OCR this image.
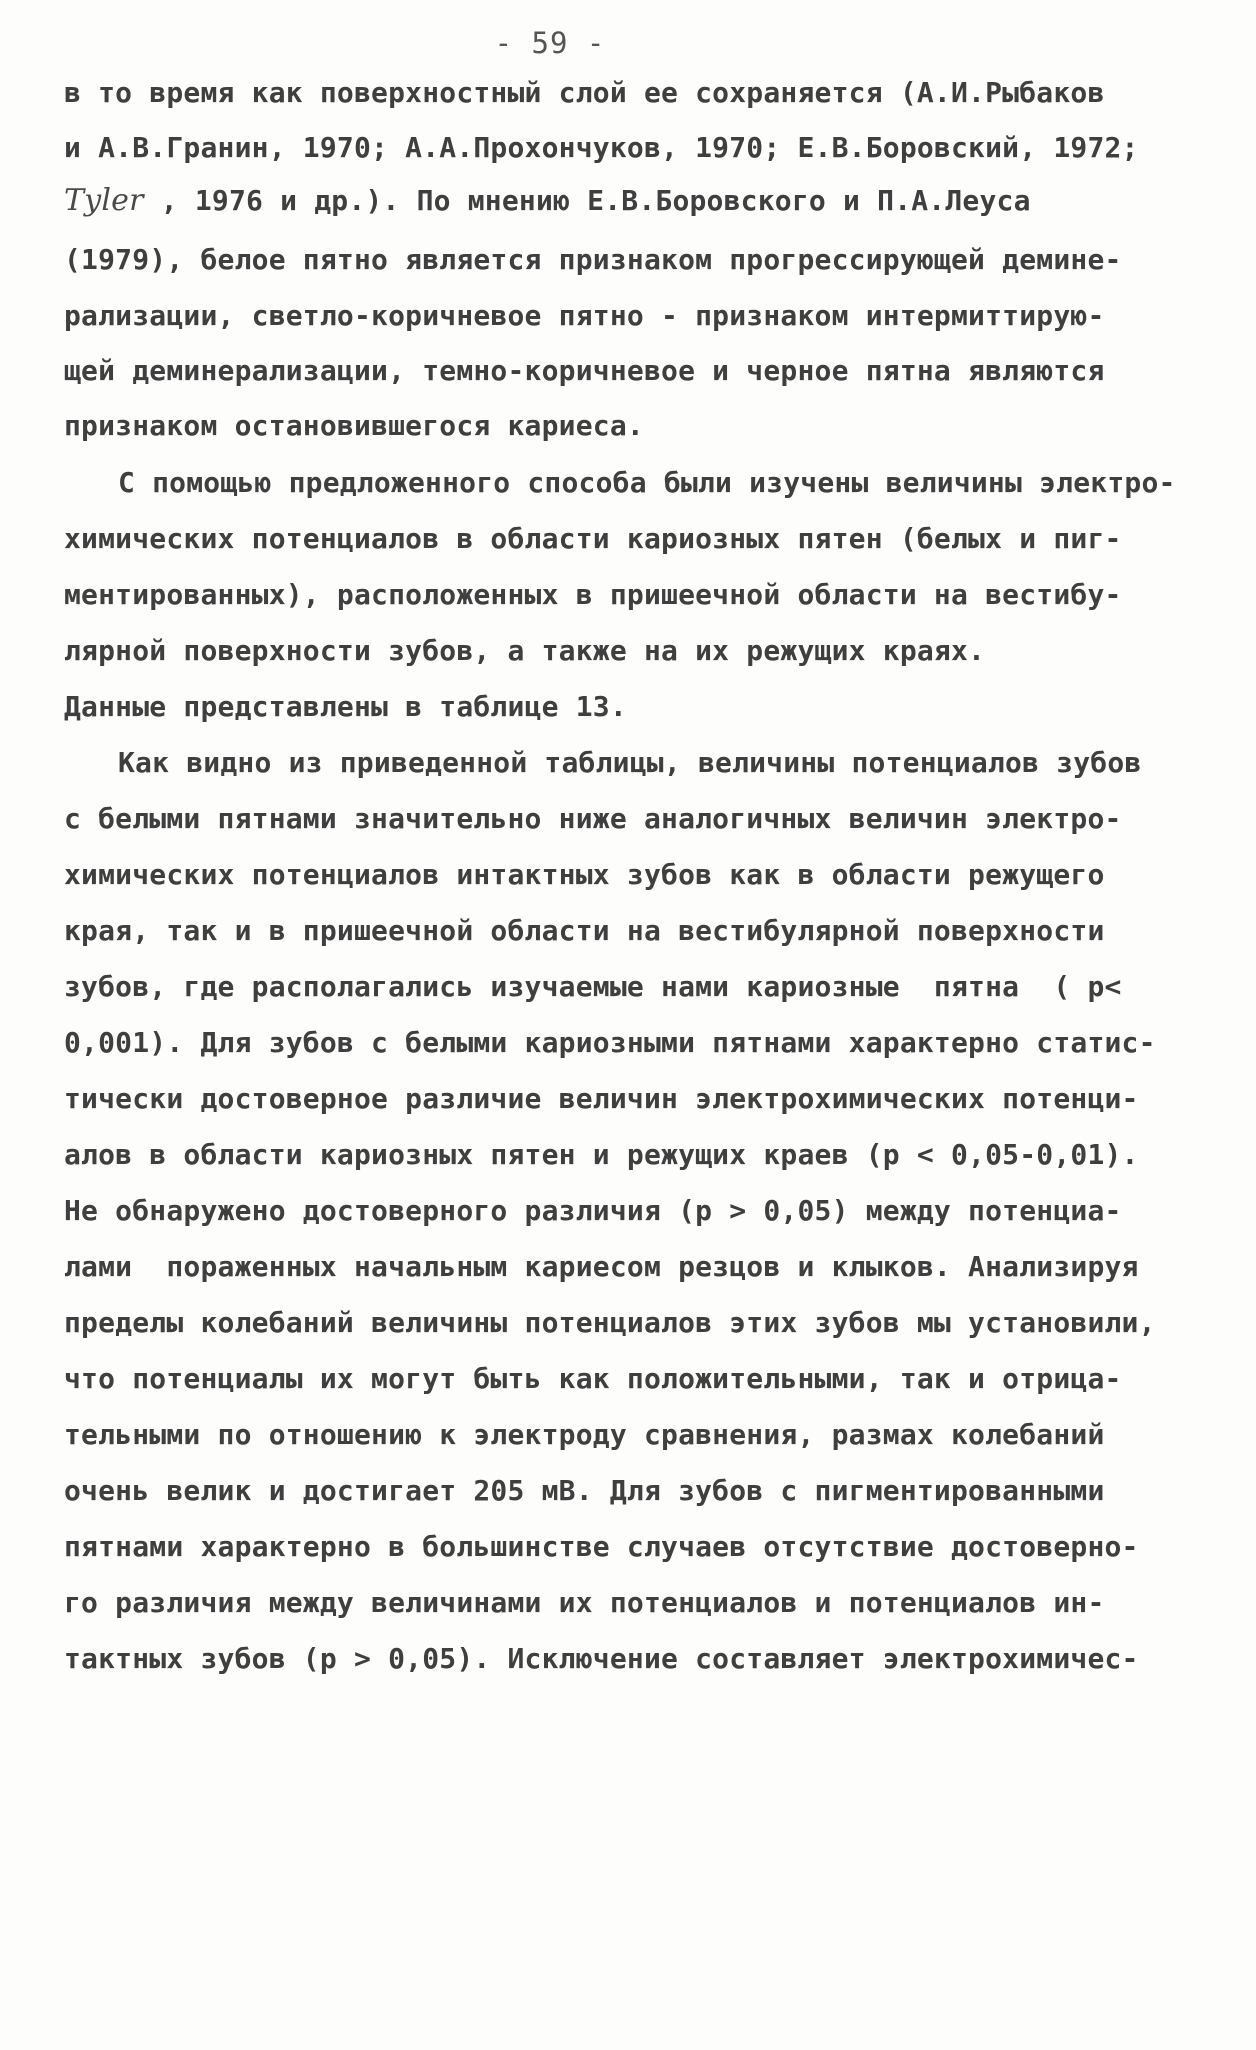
- 59 -
в то время как поверхностный слой ее сохраняется (А.И.Рыбаков
и А.В.Гранин, 1970; А.А.Прохончуков, 1970; Е.В.Боровский, 1972;
Tyler , 1976 и др.). По мнению Е.В.Боровского и П.А.Леуса
(1979), белое пятно является признаком прогрессирующей демине-
рализации, светло-коричневое пятно - признаком интермиттирую-
щей деминерализации, темно-коричневое и черное пятна являются
признаком остановившегося кариеса.
С помощью предложенного способа были изучены величины электро-
химических потенциалов в области кариозных пятен (белых и пиг-
ментированных), расположенных в пришеечной области на вестибу-
лярной поверхности зубов, а также на их режущих краях.
Данные представлены в таблице 13.
Как видно из приведенной таблицы, величины потенциалов зубов
с белыми пятнами значительно ниже аналогичных величин электро-
химических потенциалов интактных зубов как в области режущего
края, так и в пришеечной области на вестибулярной поверхности
зубов, где располагались изучаемые нами кариозные  пятна  ( р<
0,001). Для зубов с белыми кариозными пятнами характерно статис-
тически достоверное различие величин электрохимических потенци-
алов в области кариозных пятен и режущих краев (р < 0,05-0,01).
Не обнаружено достоверного различия (р > 0,05) между потенциа-
лами  пораженных начальным кариесом резцов и клыков. Анализируя
пределы колебаний величины потенциалов этих зубов мы установили,
что потенциалы их могут быть как положительными, так и отрица-
тельными по отношению к электроду сравнения, размах колебаний
очень велик и достигает 205 мВ. Для зубов с пигментированными
пятнами характерно в большинстве случаев отсутствие достоверно-
го различия между величинами их потенциалов и потенциалов ин-
тактных зубов (р > 0,05). Исключение составляет электрохимичес-
